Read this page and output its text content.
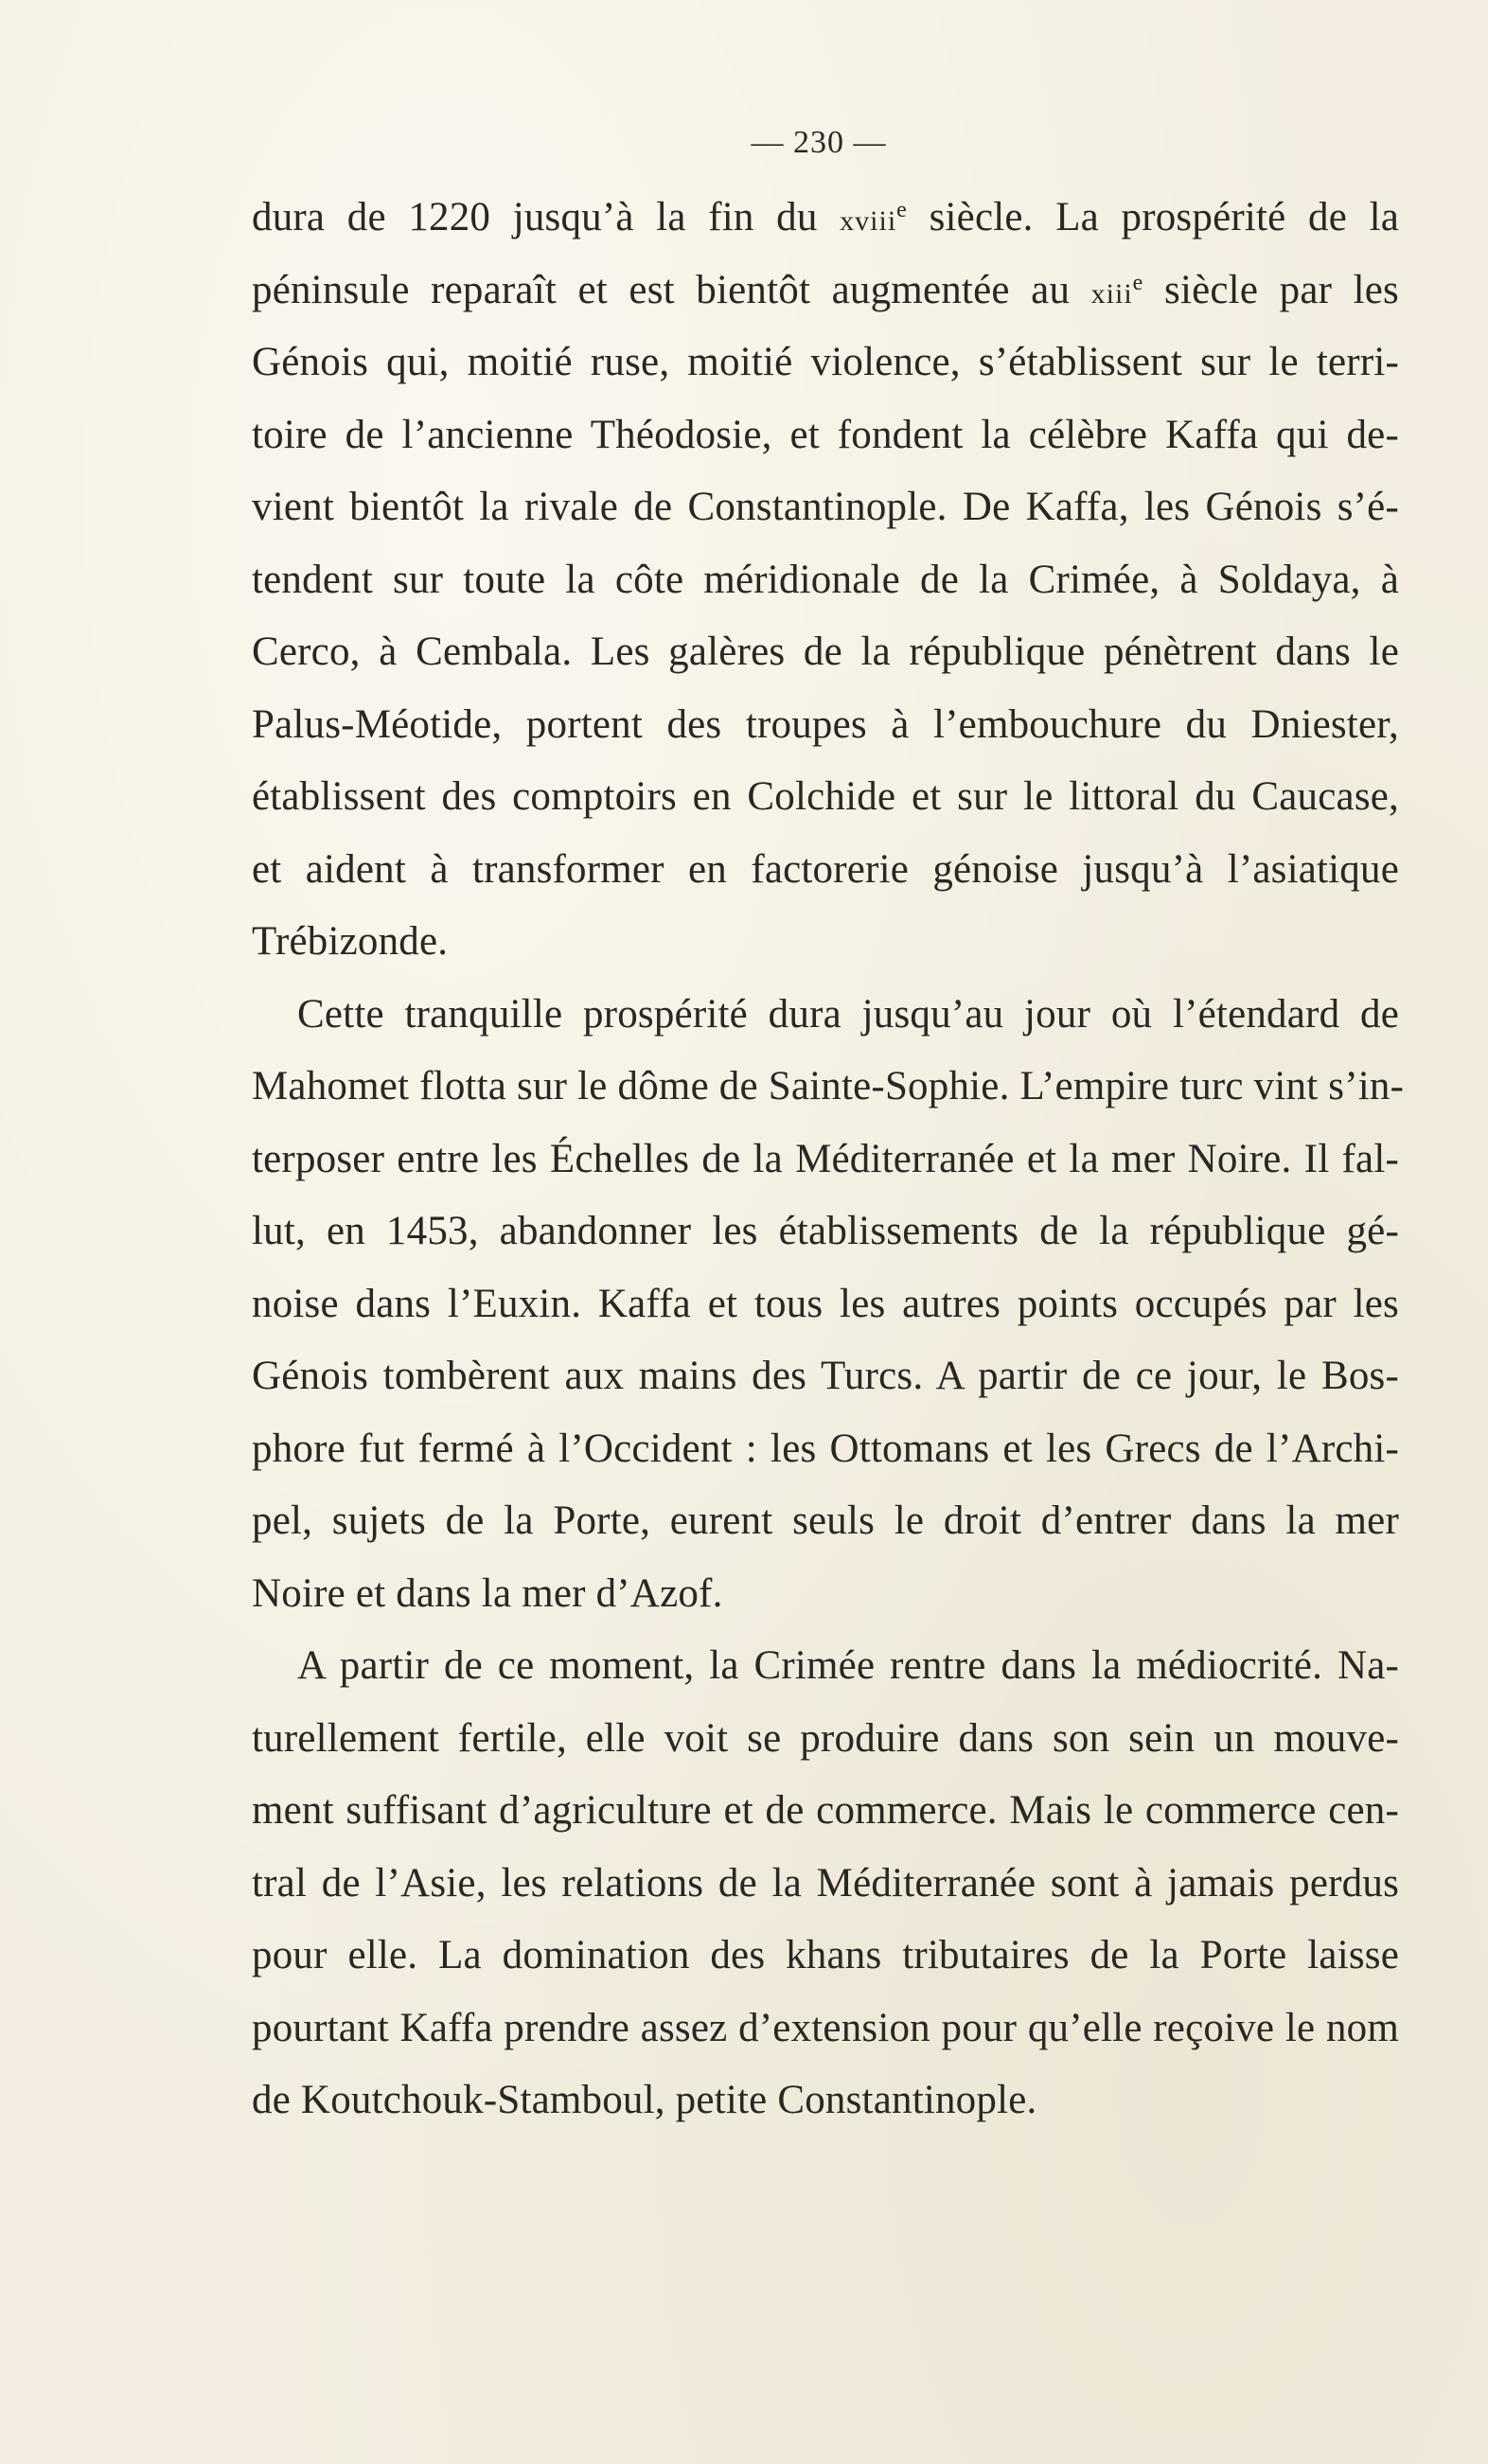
— 230 —
dura de 1220 jusqu’à la fin du xviii$^e$ siècle. La prospérité de la
péninsule reparaît et est bientôt augmentée au xiii$^e$ siècle par les
Génois qui, moitié ruse, moitié violence, s’établissent sur le terri-
toire de l’ancienne Théodosie, et fondent la célèbre Kaffa qui de-
vient bientôt la rivale de Constantinople. De Kaffa, les Génois s’é-
tendent sur toute la côte méridionale de la Crimée, à Soldaya, à
Cerco, à Cembala. Les galères de la république pénètrent dans le
Palus-Méotide, portent des troupes à l’embouchure du Dniester,
établissent des comptoirs en Colchide et sur le littoral du Caucase,
et aident à transformer en factorerie génoise jusqu’à l’asiatique
Trébizonde.
Cette tranquille prospérité dura jusqu’au jour où l’étendard de
Mahomet flotta sur le dôme de Sainte-Sophie. L’empire turc vint s’in-
terposer entre les Échelles de la Méditerranée et la mer Noire. Il fal-
lut, en 1453, abandonner les établissements de la république gé-
noise dans l’Euxin. Kaffa et tous les autres points occupés par les
Génois tombèrent aux mains des Turcs. A partir de ce jour, le Bos-
phore fut fermé à l’Occident : les Ottomans et les Grecs de l’Archi-
pel, sujets de la Porte, eurent seuls le droit d’entrer dans la mer
Noire et dans la mer d’Azof.
A partir de ce moment, la Crimée rentre dans la médiocrité. Na-
turellement fertile, elle voit se produire dans son sein un mouve-
ment suffisant d’agriculture et de commerce. Mais le commerce cen-
tral de l’Asie, les relations de la Méditerranée sont à jamais perdus
pour elle. La domination des khans tributaires de la Porte laisse
pourtant Kaffa prendre assez d’extension pour qu’elle reçoive le nom
de Koutchouk-Stamboul, petite Constantinople.
